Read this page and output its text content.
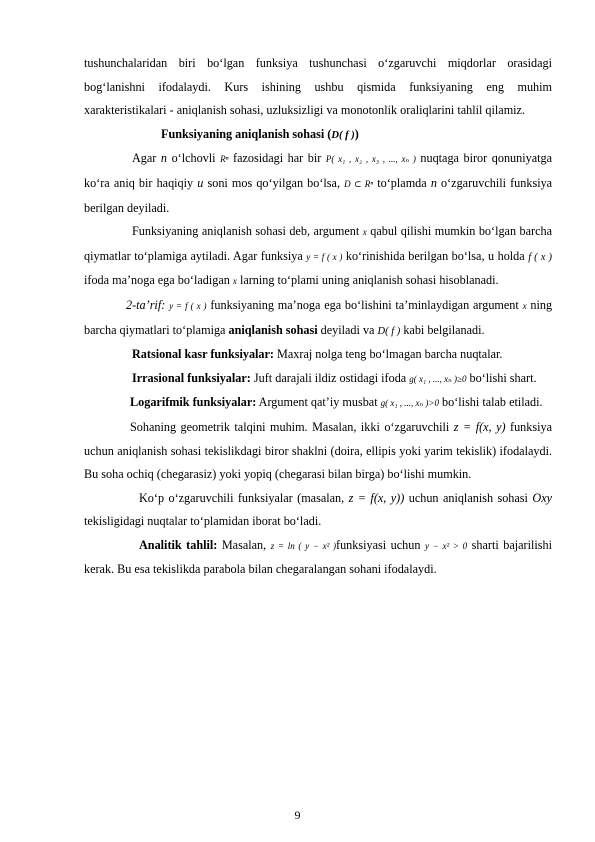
tushunchalaridan biri bo‘lgan funksiya tushunchasi o‘zgaruvchi miqdorlar orasidagi bog‘lanishni ifodalaydi. Kurs ishining ushbu qismida funksiyaning eng muhim xarakteristikalari - aniqlanish sohasi, uzluksizligi va monotonlik oraliqlarini tahlil qilamiz.

Funksiyaning aniqlanish sohasi (D( f ))

Agar n o‘lchovli Rⁿ fazosidagi har bir P( x₁ , x₂ , x₃ , ..., xₙ ) nuqtaga biror qonuniyatga ko‘ra aniq bir haqiqiy u soni mos qo‘yilgan bo‘lsa, D ⊂ Rⁿ to‘plamda n o‘zgaruvchili funksiya berilgan deyiladi.

Funksiyaning aniqlanish sohasi deb, argument x qabul qilishi mumkin bo‘lgan barcha qiymatlar to‘plamiga aytiladi. Agar funksiya y = f ( x ) ko‘rinishida berilgan bo‘lsa, u holda f ( x ) ifoda ma’noga ega bo‘ladigan x larning to‘plami uning aniqlanish sohasi hisoblanadi.

2-ta’rif: y = f ( x ) funksiyaning ma’noga ega bo‘lishini ta’minlaydigan argument x ning barcha qiymatlari to‘plamiga aniqlanish sohasi deyiladi va D( f ) kabi belgilanadi.

Ratsional kasr funksiyalar: Maxraj nolga teng bo‘lmagan barcha nuqtalar.

Irrasional funksiyalar: Juft darajali ildiz ostidagi ifoda g( x₁ , ..., xₙ )≥0 bo‘lishi shart.

Logarifmik funksiyalar: Argument qat’iy musbat g( x₁ , ..., xₙ )>0 bo‘lishi talab etiladi.

Sohaning geometrik talqini muhim. Masalan, ikki o‘zgaruvchili z = f(x, y) funksiya uchun aniqlanish sohasi tekislikdagi biror shaklni (doira, ellipis yoki yarim tekislik) ifodalaydi. Bu soha ochiq (chegarasiz) yoki yopiq (chegarasi bilan birga) bo‘lishi mumkin.

Ko‘p o‘zgaruvchili funksiyalar (masalan, z = f(x, y)) uchun aniqlanish sohasi Oxy tekisligidagi nuqtalar to‘plamidan iborat bo‘ladi.

Analitik tahlil: Masalan, z = ln ( y − x² )funksiyasi uchun y − x² > 0 sharti bajarilishi kerak. Bu esa tekislikda parabola bilan chegaralangan sohani ifodalaydi.

9
